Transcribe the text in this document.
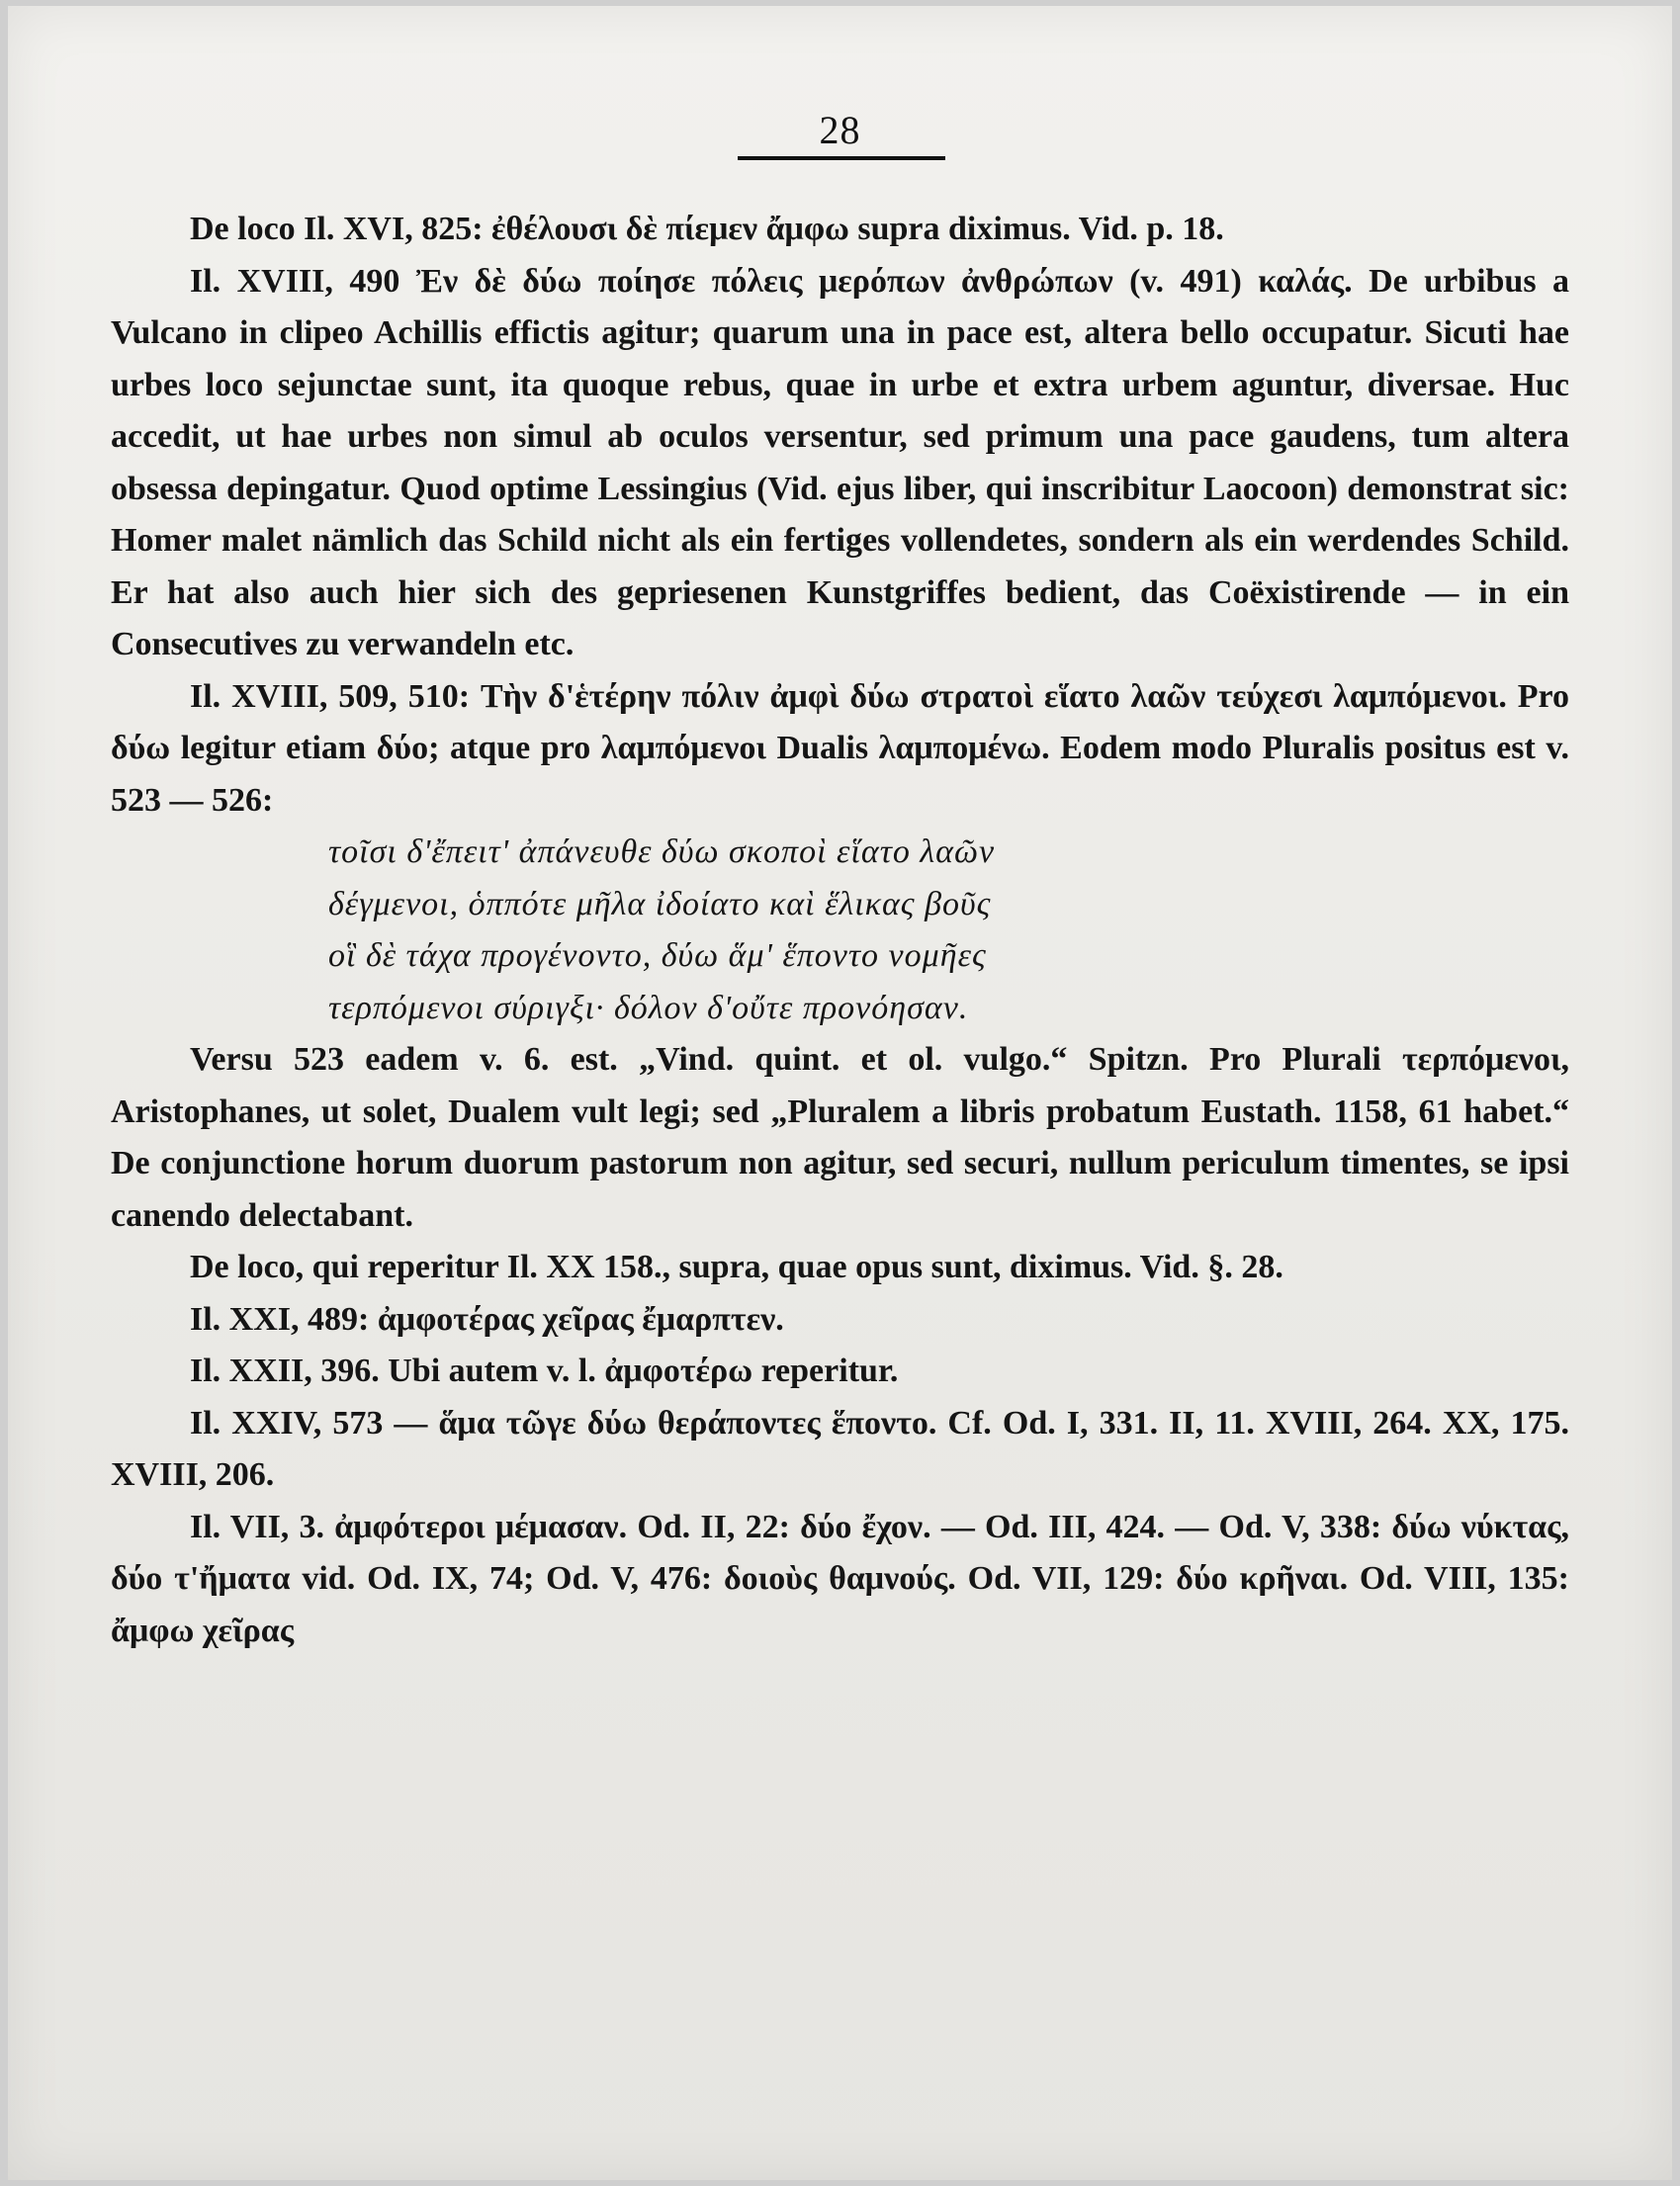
28

De loco Il. XVI, 825: ἐθέλουσι δὲ πίεμεν ἄμφω supra diximus. Vid. p. 18.

Il. XVIII, 490 Ἐν δὲ δύω ποίησε πόλεις μερόπων ἀνθρώπων (v. 491) καλάς. De urbibus a Vulcano in clipeo Achillis effictis agitur; quarum una in pace est, altera bello occupatur. Sicuti hae urbes loco sejunctae sunt, ita quoque rebus, quae in urbe et extra urbem aguntur, diversae. Huc accedit, ut hae urbes non simul ab oculos versentur, sed primum una pace gaudens, tum altera obsessa depingatur. Quod optime Lessingius (Vid. ejus liber, qui inscribitur Laocoon) demonstrat sic: Homer malet nämlich das Schild nicht als ein fertiges vollendetes, sondern als ein werdendes Schild. Er hat also auch hier sich des gepriesenen Kunstgriffes bedient, das Coëxistirende — in ein Consecutives zu verwandeln etc.

Il. XVIII, 509, 510: Τὴν δ'ἑτέρην πόλιν ἀμφὶ δύω στρατοὶ εἵατο λαῶν τεύχεσι λαμπόμενοι. Pro δύω legitur etiam δύο; atque pro λαμπόμενοι Dualis λαμπομένω. Eodem modo Pluralis positus est v. 523 — 526:

τοῖσι δ'ἔπειτ' ἀπάνευθε δύω σκοποὶ εἵατο λαῶν

δέγμενοι, ὁππότε μῆλα ἰδοίατο καὶ ἕλικας βοῦς

οἳ δὲ τάχα προγένοντο, δύω ἅμ' ἕποντο νομῆες

τερπόμενοι σύριγξι· δόλον δ'οὔτε προνόησαν.

Versu 523 eadem v. 6. est. „Vind. quint. et ol. vulgo.“ Spitzn. Pro Plurali τερπόμενοι, Aristophanes, ut solet, Dualem vult legi; sed „Pluralem a libris probatum Eustath. 1158, 61 habet.“ De conjunctione horum duorum pastorum non agitur, sed securi, nullum periculum timentes, se ipsi canendo delectabant.

De loco, qui reperitur Il. XX 158., supra, quae opus sunt, diximus. Vid. §. 28.

Il. XXI, 489: ἀμφοτέρας χεῖρας ἔμαρπτεν.

Il. XXII, 396. Ubi autem v. l. ἀμφοτέρω reperitur.

Il. XXIV, 573 — ἅμα τῶγε δύω θεράποντες ἕποντο. Cf. Od. I, 331. II, 11. XVIII, 264. XX, 175. XVIII, 206.

Il. VII, 3. ἀμφότεροι μέμασαν. Od. II, 22: δύο ἔχον. — Od. III, 424. — Od. V, 338: δύω νύκτας, δύο τ'ἤματα vid. Od. IX, 74; Od. V, 476: δοιοὺς θαμνούς. Od. VII, 129: δύο κρῆναι. Od. VIII, 135: ἄμφω χεῖρας
